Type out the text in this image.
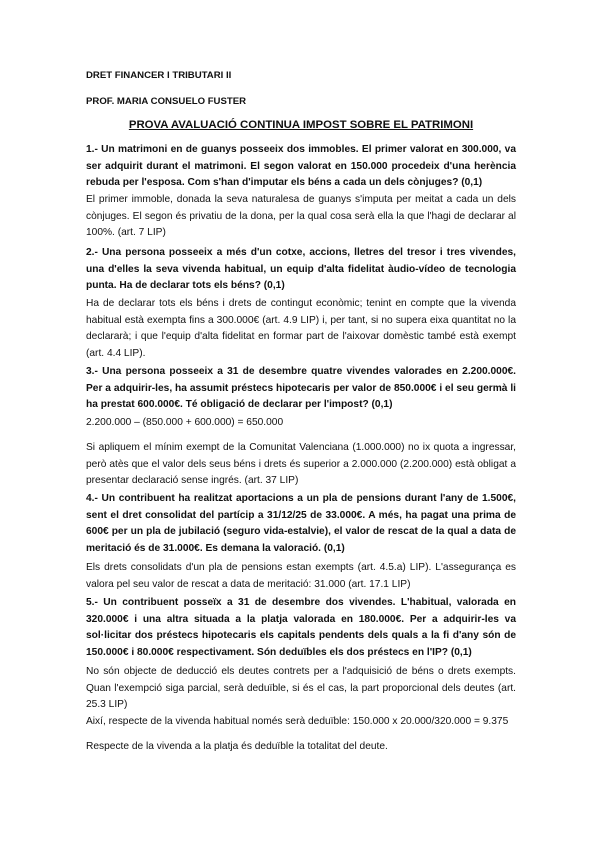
DRET FINANCER I TRIBUTARI II

PROF. MARIA CONSUELO FUSTER

PROVA AVALUACIÓ CONTINUA IMPOST SOBRE EL PATRIMONI

1.- Un matrimoni en de guanys posseeix dos immobles. El primer valorat en 300.000, va ser adquirit durant el matrimoni. El segon valorat en 150.000 procedeix d'una herència rebuda per l'esposa. Com s'han d'imputar els béns a cada un dels cònjuges? (0,1)

El primer immoble, donada la seva naturalesa de guanys s'imputa per meitat a cada un dels cònjuges. El segon és privatiu de la dona, per la qual cosa serà ella la que l'hagi de declarar al 100%. (art. 7 LIP)

2.- Una persona posseeix a més d'un cotxe, accions, lletres del tresor i tres vivendes, una d'elles la seva vivenda habitual, un equip d'alta fidelitat àudio-vídeo de tecnologia punta. Ha de declarar tots els béns? (0,1)

Ha de declarar tots els béns i drets de contingut econòmic; tenint en compte que la vivenda habitual està exempta fins a 300.000€ (art. 4.9 LIP) i, per tant, si no supera eixa quantitat no la declararà; i que l'equip d'alta fidelitat en formar part de l'aixovar domèstic també està exempt (art. 4.4 LIP).

3.- Una persona posseeix a 31 de desembre quatre vivendes valorades en 2.200.000€. Per a adquirir-les, ha assumit préstecs hipotecaris per valor de 850.000€ i el seu germà li ha prestat 600.000€. Té obligació de declarar per l'impost? (0,1)

2.200.000 – (850.000 + 600.000) = 650.000

Si apliquem el mínim exempt de la Comunitat Valenciana (1.000.000) no ix quota a ingressar, però atès que el valor dels seus béns i drets és superior a 2.000.000 (2.200.000) està obligat a presentar declaració sense ingrés. (art. 37 LIP)

4.- Un contribuent ha realitzat aportacions a un pla de pensions durant l'any de 1.500€, sent el dret consolidat del partícip a 31/12/25 de 33.000€. A més, ha pagat una prima de 600€ per un pla de jubilació (seguro vida-estalvie), el valor de rescat de la qual a data de meritació és de 31.000€. Es demana la valoració. (0,1)

Els drets consolidats d'un pla de pensions estan exempts (art. 4.5.a) LIP). L'assegurança es valora pel seu valor de rescat a data de meritació: 31.000 (art. 17.1 LIP)

5.- Un contribuent posseïx a 31 de desembre dos vivendes. L'habitual, valorada en 320.000€ i una altra situada a la platja valorada en 180.000€. Per a adquirir-les va sol·licitar dos préstecs hipotecaris els capitals pendents dels quals a la fi d'any són de 150.000€ i 80.000€ respectivament. Són deduïbles els dos préstecs en l'IP? (0,1)

No són objecte de deducció els deutes contrets per a l'adquisició de béns o drets exempts. Quan l'exempció siga parcial, serà deduïble, si és el cas, la part proporcional dels deutes (art. 25.3 LIP)

Així, respecte de la vivenda habitual només serà deduïble: 150.000 x 20.000/320.000 = 9.375

Respecte de la vivenda a la platja és deduïble la totalitat del deute.
